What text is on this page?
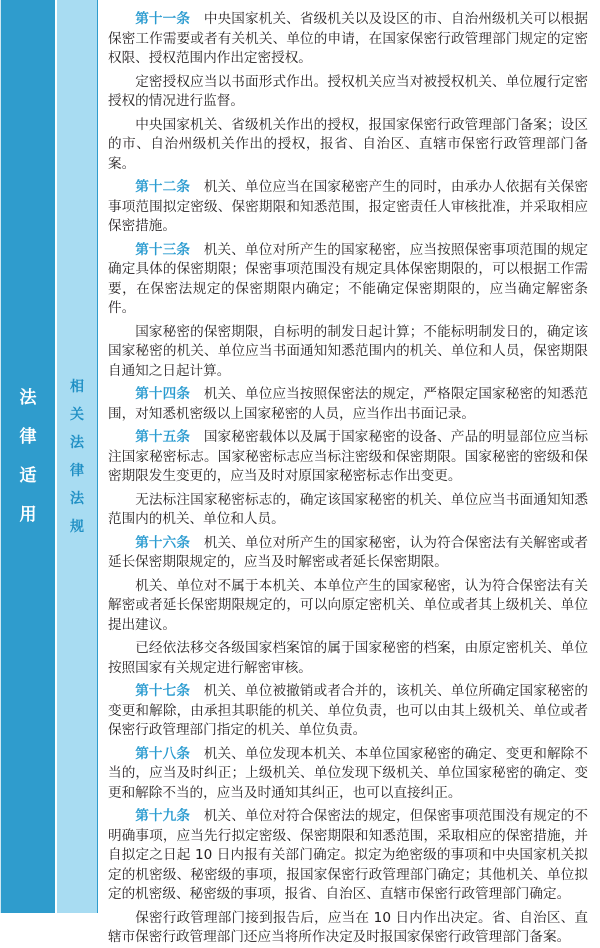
法
律
适
用
相
关
法
律
法
规

第十一条　中央国家机关、省级机关以及设区的市、自治州级机关可以根据保密工作需要或者有关机关、单位的申请，在国家保密行政管理部门规定的定密权限、授权范围内作出定密授权。

定密授权应当以书面形式作出。授权机关应当对被授权机关、单位履行定密授权的情况进行监督。

中央国家机关、省级机关作出的授权，报国家保密行政管理部门备案；设区的市、自治州级机关作出的授权，报省、自治区、直辖市保密行政管理部门备案。

第十二条　机关、单位应当在国家秘密产生的同时，由承办人依据有关保密事项范围拟定密级、保密期限和知悉范围，报定密责任人审核批准，并采取相应保密措施。

第十三条　机关、单位对所产生的国家秘密，应当按照保密事项范围的规定确定具体的保密期限；保密事项范围没有规定具体保密期限的，可以根据工作需要，在保密法规定的保密期限内确定；不能确定保密期限的，应当确定解密条件。

国家秘密的保密期限，自标明的制发日起计算；不能标明制发日的，确定该国家秘密的机关、单位应当书面通知知悉范围内的机关、单位和人员，保密期限自通知之日起计算。

第十四条　机关、单位应当按照保密法的规定，严格限定国家秘密的知悉范围，对知悉机密级以上国家秘密的人员，应当作出书面记录。

第十五条　国家秘密载体以及属于国家秘密的设备、产品的明显部位应当标注国家秘密标志。国家秘密标志应当标注密级和保密期限。国家秘密的密级和保密期限发生变更的，应当及时对原国家秘密标志作出变更。

无法标注国家秘密标志的，确定该国家秘密的机关、单位应当书面通知知悉范围内的机关、单位和人员。

第十六条　机关、单位对所产生的国家秘密，认为符合保密法有关解密或者延长保密期限规定的，应当及时解密或者延长保密期限。

机关、单位对不属于本机关、本单位产生的国家秘密，认为符合保密法有关解密或者延长保密期限规定的，可以向原定密机关、单位或者其上级机关、单位提出建议。

已经依法移交各级国家档案馆的属于国家秘密的档案，由原定密机关、单位按照国家有关规定进行解密审核。

第十七条　机关、单位被撤销或者合并的，该机关、单位所确定国家秘密的变更和解除，由承担其职能的机关、单位负责，也可以由其上级机关、单位或者保密行政管理部门指定的机关、单位负责。

第十八条　机关、单位发现本机关、本单位国家秘密的确定、变更和解除不当的，应当及时纠正；上级机关、单位发现下级机关、单位国家秘密的确定、变更和解除不当的，应当及时通知其纠正，也可以直接纠正。

第十九条　机关、单位对符合保密法的规定，但保密事项范围没有规定的不明确事项，应当先行拟定密级、保密期限和知悉范围，采取相应的保密措施，并自拟定之日起 10 日内报有关部门确定。拟定为绝密级的事项和中央国家机关拟定的机密级、秘密级的事项，报国家保密行政管理部门确定；其他机关、单位拟定的机密级、秘密级的事项，报省、自治区、直辖市保密行政管理部门确定。

保密行政管理部门接到报告后，应当在 10 日内作出决定。省、自治区、直辖市保密行政管理部门还应当将所作决定及时报国家保密行政管理部门备案。
